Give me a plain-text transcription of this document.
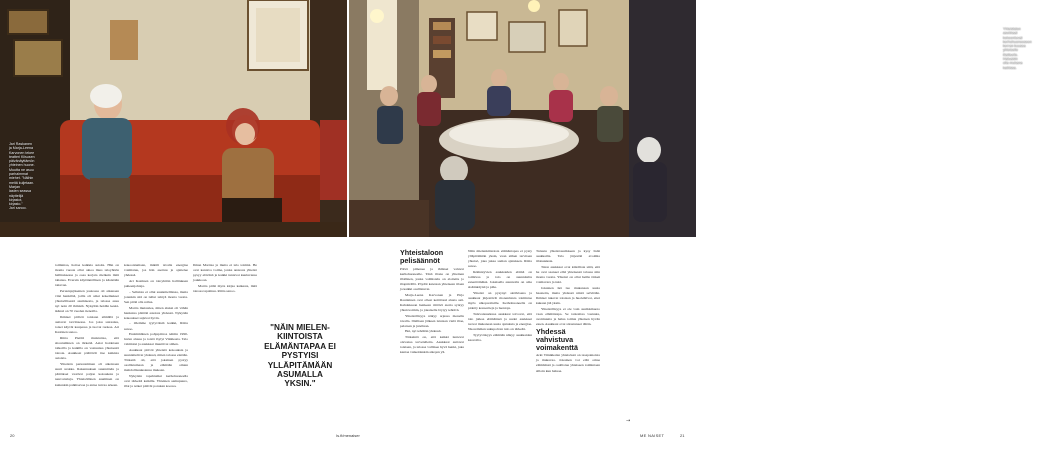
Jari Raskanen
ja Marja-Leena
Karvonen tekee
teatteri Kiisusen
päivänäyttämön
yhteinen huone.
Muutta ne asuu
parhaimmat
miehet. "Näihin
meitä kuljetaan.
Marjan
lasten seassa
näyttelijä
kirjastot,
kirjasto."
Jari sanoo.
Yhteistalon
asukkaat
kokoontuvat
kerhohuoneeseen
kerran kuussa
yhteiselle
illalliselle.
Haluaisin
olla mukana
kaikissa.

toimintaa, hoitaa kaikkia asioita. Hän on monia vuosia ollut ainoa mies taloyhtiön hallituksessa ja osaa korjata melkein mitä tahansa. Eversin käytännöllisen ja käsistään taitavan.

Perustajajäsenten joukossa oli aikanaan viisi henkilöä, joilla oli omat kokemukset yhteisöllisestä asumisesta, ja talossa asuu nyt noin 20 ihmistä. Nykyään heidän keski-ikänsä on 70 vuoden tienoilla.

Ihmiset pitävät toisiaan silmällä ja auttavat tarvittaessa. Jos joku sairastuu, toiset käyvät kaupassa ja tuovat ruokaa. Ari Kastinen sanoo.

Riitta Pietilä muistuttaa, että sitoutuminen on tärkeää. Asiat hoidetaan talkoilla ja kaikilla on vastuunsa yhteisestä talosta. Asukkaat päättävät itse kaikista asioista.

Yhteisön perustaminen oli aikoinaan suuri urakka. Rakennuksen suunnittelu ja päätökset vaativat paljon kokouksia ja neuvotteluja. Yhteisöllinen asuminen on kuitenkin palkitsevaa ja antaa turvaa arkeen.

kokoontumaan, mikäli tavalla energiaa voimistuu, jos hän asettuu ja ajattelee yhdessä.

Ari Kastinen on taloyhtiön hallituksen puheenjohtaja.

– Sellaista ei ollut suunnitelmissa, mutta jotenkin sitä on tullut tehtyä monta vuotta. Sen pitää olla reilua.

Martta muistelee, miten aluksi oli vähän hankalaa päättää asioista yhdessä. Nykyään kokoukset sujuvat hyvin.

– Olemme tyytyväisiä kaikki, Riitta sanoo.

Ensimmäinen pohjapiirros tehtiin 1990-luvun alussa ja tontti löytyi Viinikasta. Talo valmistui ja asukkaat muuttivat siihen.

Asukkaat pitivät yhteisiä kokouksia ja suunnittelivat yhdessä, miten talossa eletään. Tärkeää oli, että jokainen pystyy osallistumaan ja elämään omien mahdollisuuksiensa mukaan.

Nykyisin tapahtumat kerhohuoneella ovat tärkeitä kaikille. Yhteinen aamupuuro, illat ja retket pitävät porukan koossa.

Ilman Marttaa ja muita ei talo toimisi. He ovat kantava voima, jonka ansiosta yhteisö pysyy elävänä ja kaikki tuntevat kuuluvansa joukkoon.

Martta pitää myös kirjaa kaikesta, mitä talossa tapahtuu. Riitta sanoo.

"NÄIN MIELEN-KIINTOISTA ELÄMÄNTAPAA EI PYSTYISI YLLÄPITÄMÄÄN ASUMALLA YKSIN."
Yhteistaloon pelisäännöt

Päivä pimenee ja ihmiset valuvat kerhohuoneelle. Tänä iltana on yhteinen illallinen, jonka valmistelu on aloitettu jo iltapäivällä. Pöydät katetaan yhteiseen tilaan ja kaikki osallistuvat.

Marja-Leena Karvonen ja Pirjo Rautiainen ovat olleet keittiössä alusta asti. Kahdeksaan henkeen riittävä ateria syntyy yhteisvoimin, ja jokaiselle löytyy tehtävä.

Yhteisöllisyys näkyy arjessa monella tavalla. Illallisen jälkeen istutaan vielä iltaa, pelataan ja jutellaan.

Hei, nyt tehdään yhdessä.

Tärkeintä on, että kaikki tuntevat olevansa tervetulleita. Asukkaat auttavat toisiaan, ja talossa vallitsee hyvä henki, joka kantaa vaikeidenkin aikojen yli.

Näin mielenkiintoista elämäntapaa ei pysty ylläpitämään yksin, vaan siihen tarvitaan yhteisö, joka jakaa saman ajatuksen. Riitta sanoo.

Ikäänntyvien asukkaiden elämä on toimivaa ja talo on suunniteltu esteettömäksi. Jokaisella asunnolla on oma sisäänkäynti ja piha.

Yhteisö on pysynyt aktiivisena ja asukkaat järjestävät monenlaista toimintaa myös ulkopuolisille. Kerhohuoneella on pidetty konsertteja ja luentoja.

Tulevaisuudessa asukkaat toivovat, että talo jatkaa elämäänsä ja uudet asukkaat tuovat mukanaan uusia ajatuksia ja energiaa. Nuoremman sukupolven tulo on tärkeää.

Tyytyväisyys elämään näkyy asukkaiden kasvoilta.

Tutustu yhteisöasumiseen ja kysy lisää asukkailta. Talo järjestää avoimia tilaisuuksia.

Talon asukkaat ovat kiitollisia siitä, että he ovat saaneet elää yhteisessä talossa niin monta vuotta. Yhteisö on ollut heille tärkeä voimavara ja tuki.

Jokainen ikä tuo mukanaan uusia haasteita, mutta yhdessä niistä selvitään. Ihmiset tukevat toisiaan ja huolehtivat, ettei kukaan jää yksin.

Yhteisöllisyys ei ole vain asumismuoto vaan elämäntapa. Se tarkoittaa vastuuta, avoimuutta ja halua toimia yhteisen hyvän eteen. Asukkaat ovat sitoutuneet tähän.

Yhdessä vahvistuva voimakenttä

Arki Viinikkalan yhteisössä on tasapainoista ja mukavaa. Jokainen voi elää omaa elämäänsä ja osallistua yhteiseen toimintaan silloin kun haluaa.

→
20	ls.fi/menaiser	ME NAISET	21
